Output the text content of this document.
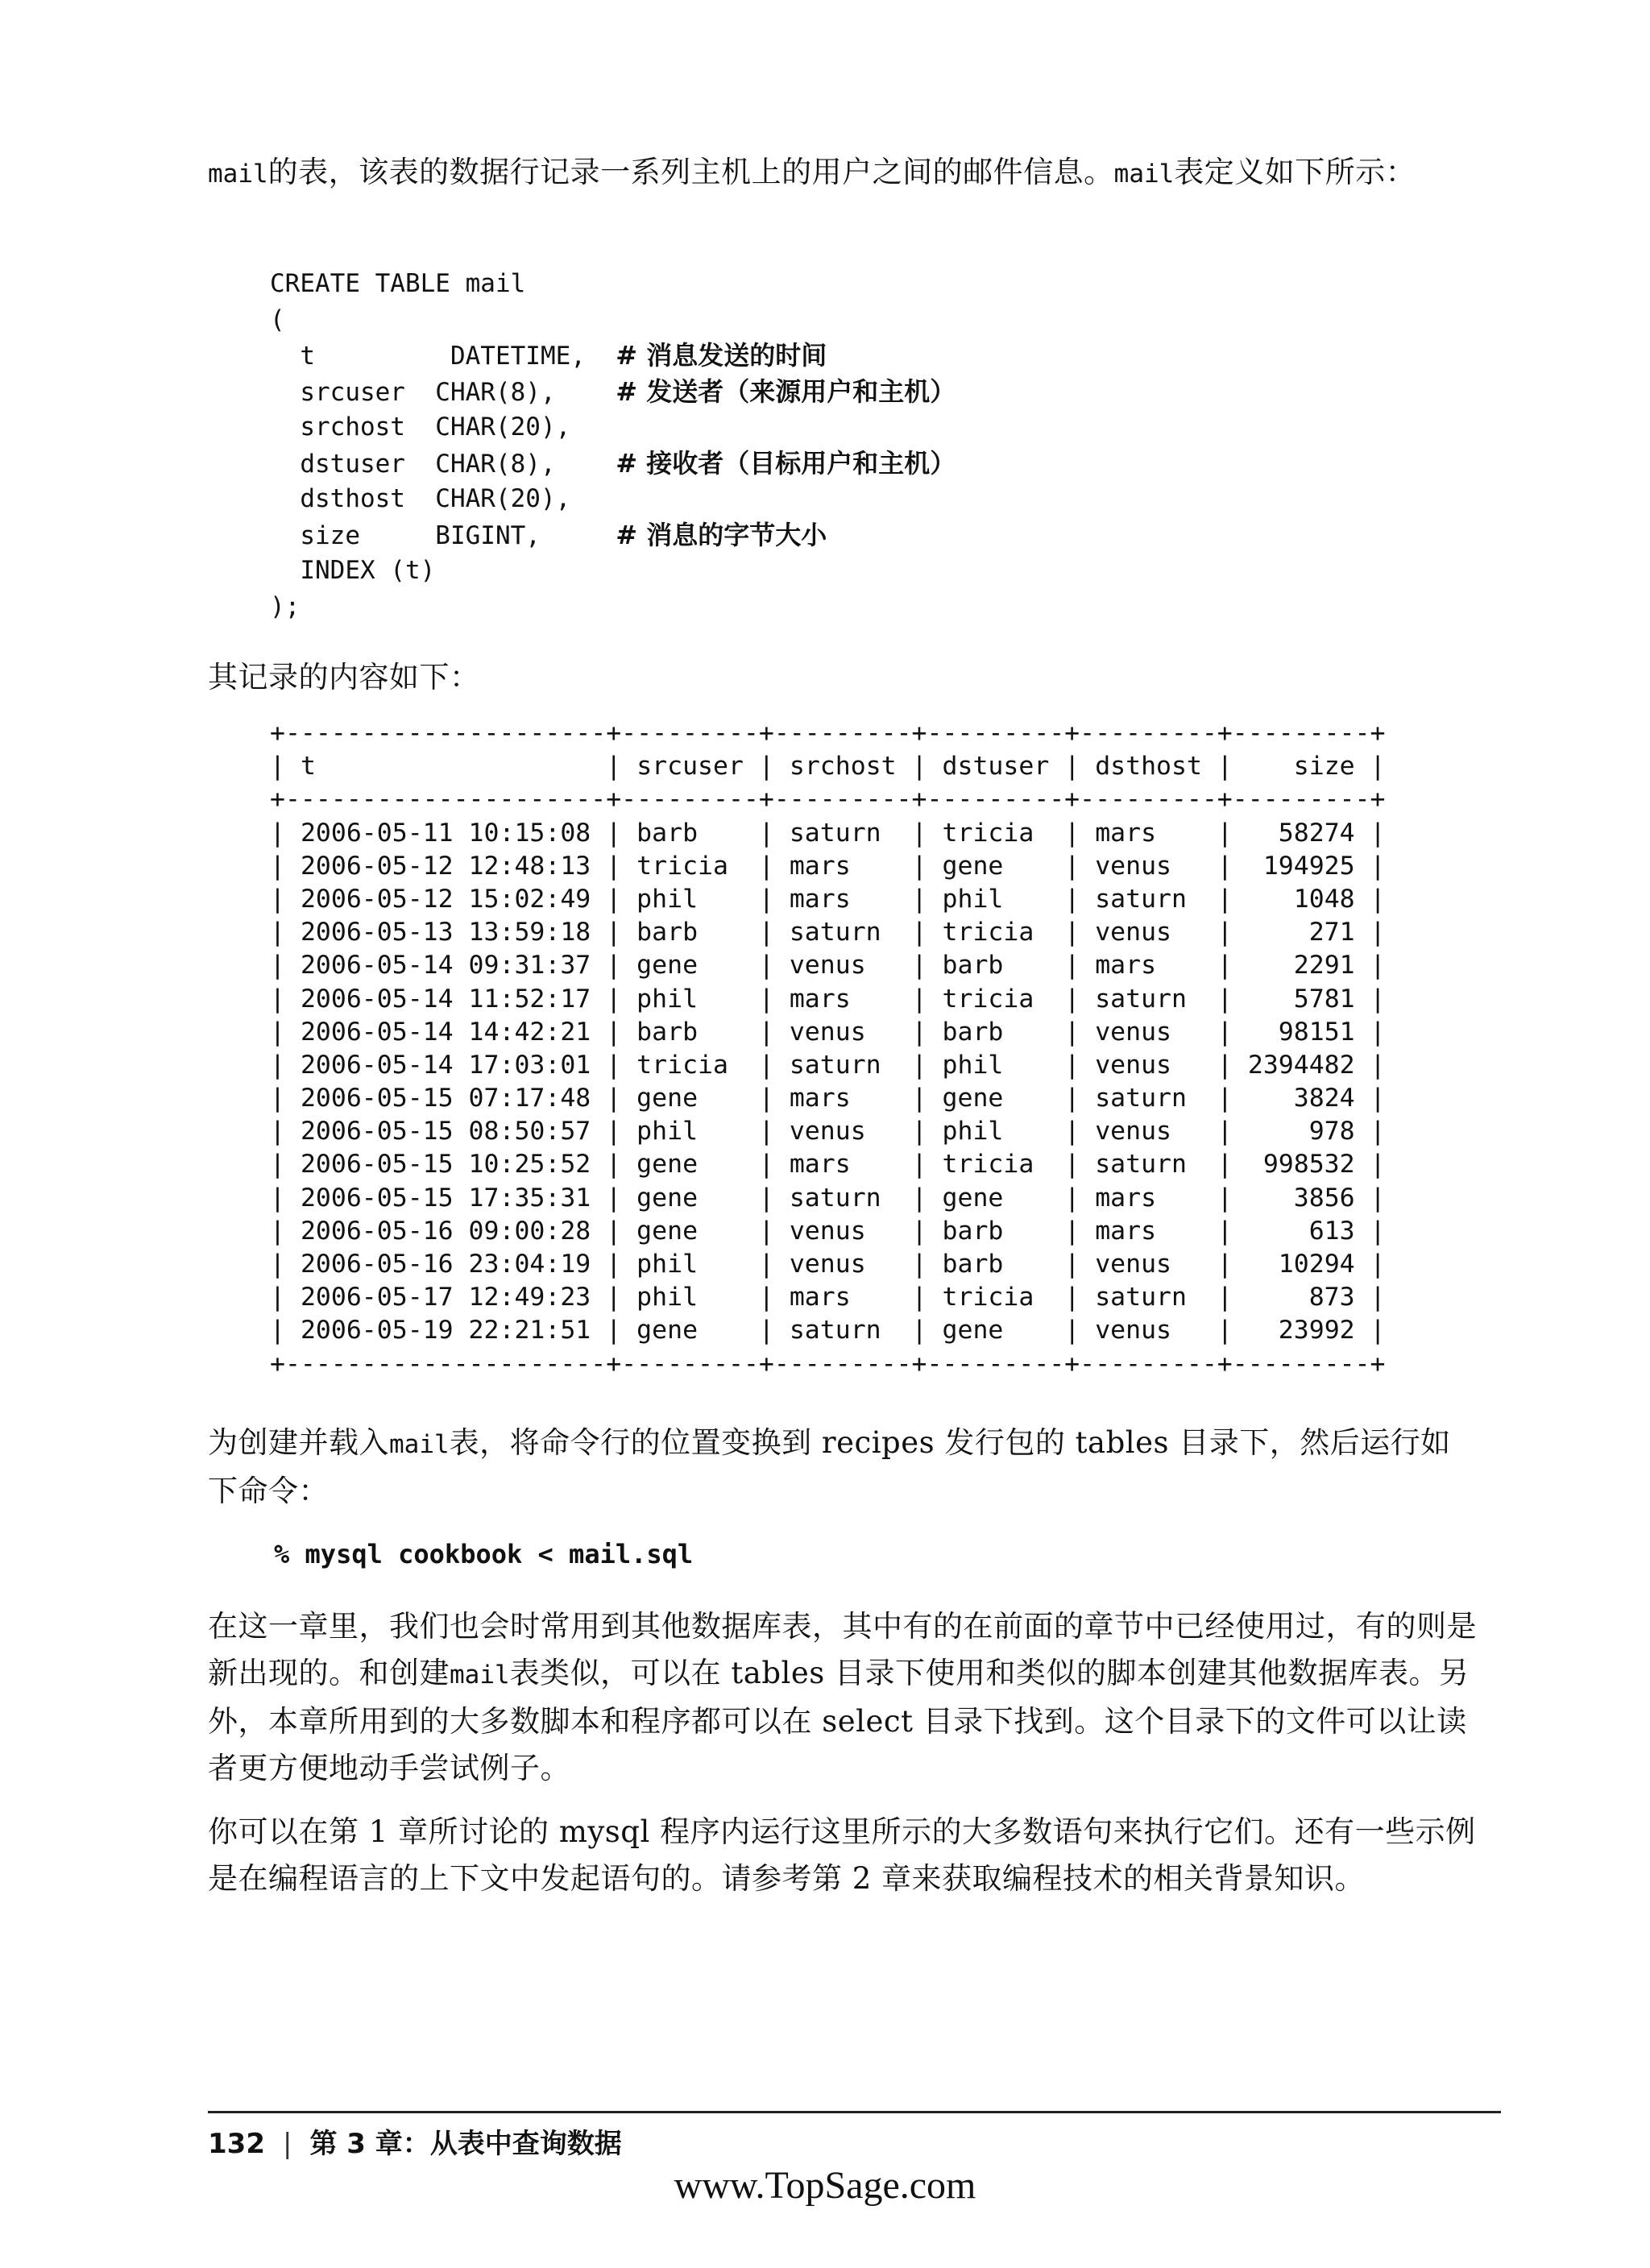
mail的表，该表的数据行记录一系列主机上的用户之间的邮件信息。mail表定义如下所示：

CREATE TABLE mail
(
t         DATETIME,  # 消息发送的时间
srcuser  CHAR(8),    # 发送者（来源用户和主机）
srchost  CHAR(20),
dstuser  CHAR(8),    # 接收者（目标用户和主机）
dsthost  CHAR(20),
size     BIGINT,     # 消息的字节大小
INDEX (t)
);

其记录的内容如下：

+---------------------+---------+---------+---------+---------+---------+
| t	| srcuser | srchost | dstuser | dsthost |    size |
+---------------------+---------+---------+---------+---------+---------+
| 2006-05-11 10:15:08 | barb    | saturn  | tricia  | mars    |   58274 |
| 2006-05-12 12:48:13 | tricia  | mars    | gene    | venus   |  194925 |
| 2006-05-12 15:02:49 | phil    | mars    | phil    | saturn  |    1048 |
| 2006-05-13 13:59:18 | barb    | saturn  | tricia  | venus   |     271 |
| 2006-05-14 09:31:37 | gene    | venus   | barb    | mars    |    2291 |
| 2006-05-14 11:52:17 | phil    | mars    | tricia  | saturn  |    5781 |
| 2006-05-14 14:42:21 | barb    | venus   | barb    | venus   |   98151 |
| 2006-05-14 17:03:01 | tricia  | saturn  | phil    | venus   | 2394482 |
| 2006-05-15 07:17:48 | gene    | mars    | gene    | saturn  |    3824 |
| 2006-05-15 08:50:57 | phil    | venus   | phil    | venus   |     978 |
| 2006-05-15 10:25:52 | gene    | mars    | tricia  | saturn  |  998532 |
| 2006-05-15 17:35:31 | gene    | saturn  | gene    | mars    |    3856 |
| 2006-05-16 09:00:28 | gene    | venus   | barb    | mars    |     613 |
| 2006-05-16 23:04:19 | phil    | venus   | barb    | venus   |   10294 |
| 2006-05-17 12:49:23 | phil    | mars    | tricia  | saturn  |     873 |
| 2006-05-19 22:21:51 | gene    | saturn  | gene    | venus   |   23992 |
+---------------------+---------+---------+---------+---------+---------+

为创建并载入mail表，将命令行的位置变换到 recipes 发行包的 tables 目录下，然后运行如下命令：

% mysql cookbook < mail.sql

在这一章里，我们也会时常用到其他数据库表，其中有的在前面的章节中已经使用过，有的则是新出现的。和创建mail表类似，可以在 tables 目录下使用和类似的脚本创建其他数据库表。另外，本章所用到的大多数脚本和程序都可以在 select 目录下找到。这个目录下的文件可以让读者更方便地动手尝试例子。

你可以在第 1 章所讨论的 mysql 程序内运行这里所示的大多数语句来执行它们。还有一些示例是在编程语言的上下文中发起语句的。请参考第 2 章来获取编程技术的相关背景知识。

132 | 第 3 章：从表中查询数据
www.TopSage.com
